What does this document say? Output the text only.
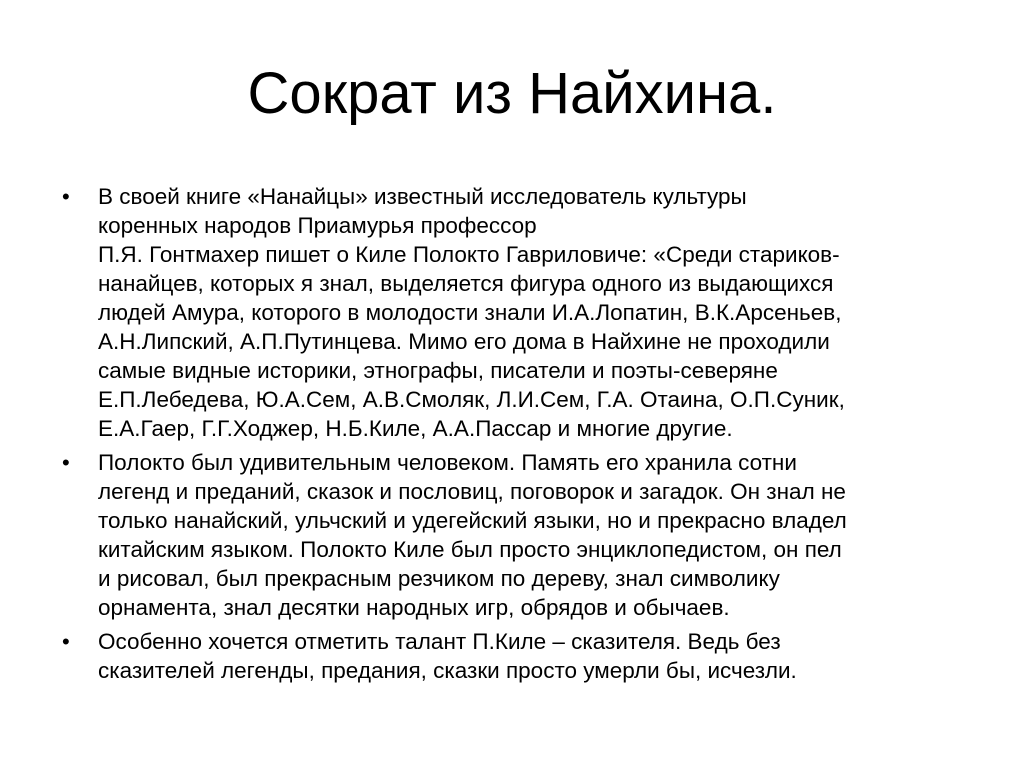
Сократ из Найхина.
•	В своей книге «Нанайцы» известный исследователь культуры
коренных народов Приамурья профессор
П.Я. Гонтмахер пишет о Киле Полокто Гавриловиче: «Среди стариков-
нанайцев, которых я знал, выделяется фигура одного из выдающихся
людей Амура, которого в молодости знали И.А.Лопатин, В.К.Арсеньев,
А.Н.Липский, А.П.Путинцева. Мимо его дома в Найхине не проходили
самые видные историки, этнографы, писатели и поэты-северяне
Е.П.Лебедева, Ю.А.Сем, А.В.Смоляк, Л.И.Сем, Г.А. Отаина, О.П.Суник,
Е.А.Гаер, Г.Г.Ходжер, Н.Б.Киле, А.А.Пассар и многие другие.
•	Полокто был удивительным человеком. Память его хранила сотни
легенд и преданий, сказок и пословиц, поговорок и загадок. Он знал не
только нанайский, ульчский и удегейский языки, но и прекрасно владел
китайским языком. Полокто Киле был просто энциклопедистом, он пел
и рисовал, был прекрасным резчиком по дереву, знал символику
орнамента, знал десятки народных игр, обрядов и обычаев.
•	Особенно хочется отметить талант П.Киле – сказителя. Ведь без
сказителей легенды, предания, сказки просто умерли бы, исчезли.
